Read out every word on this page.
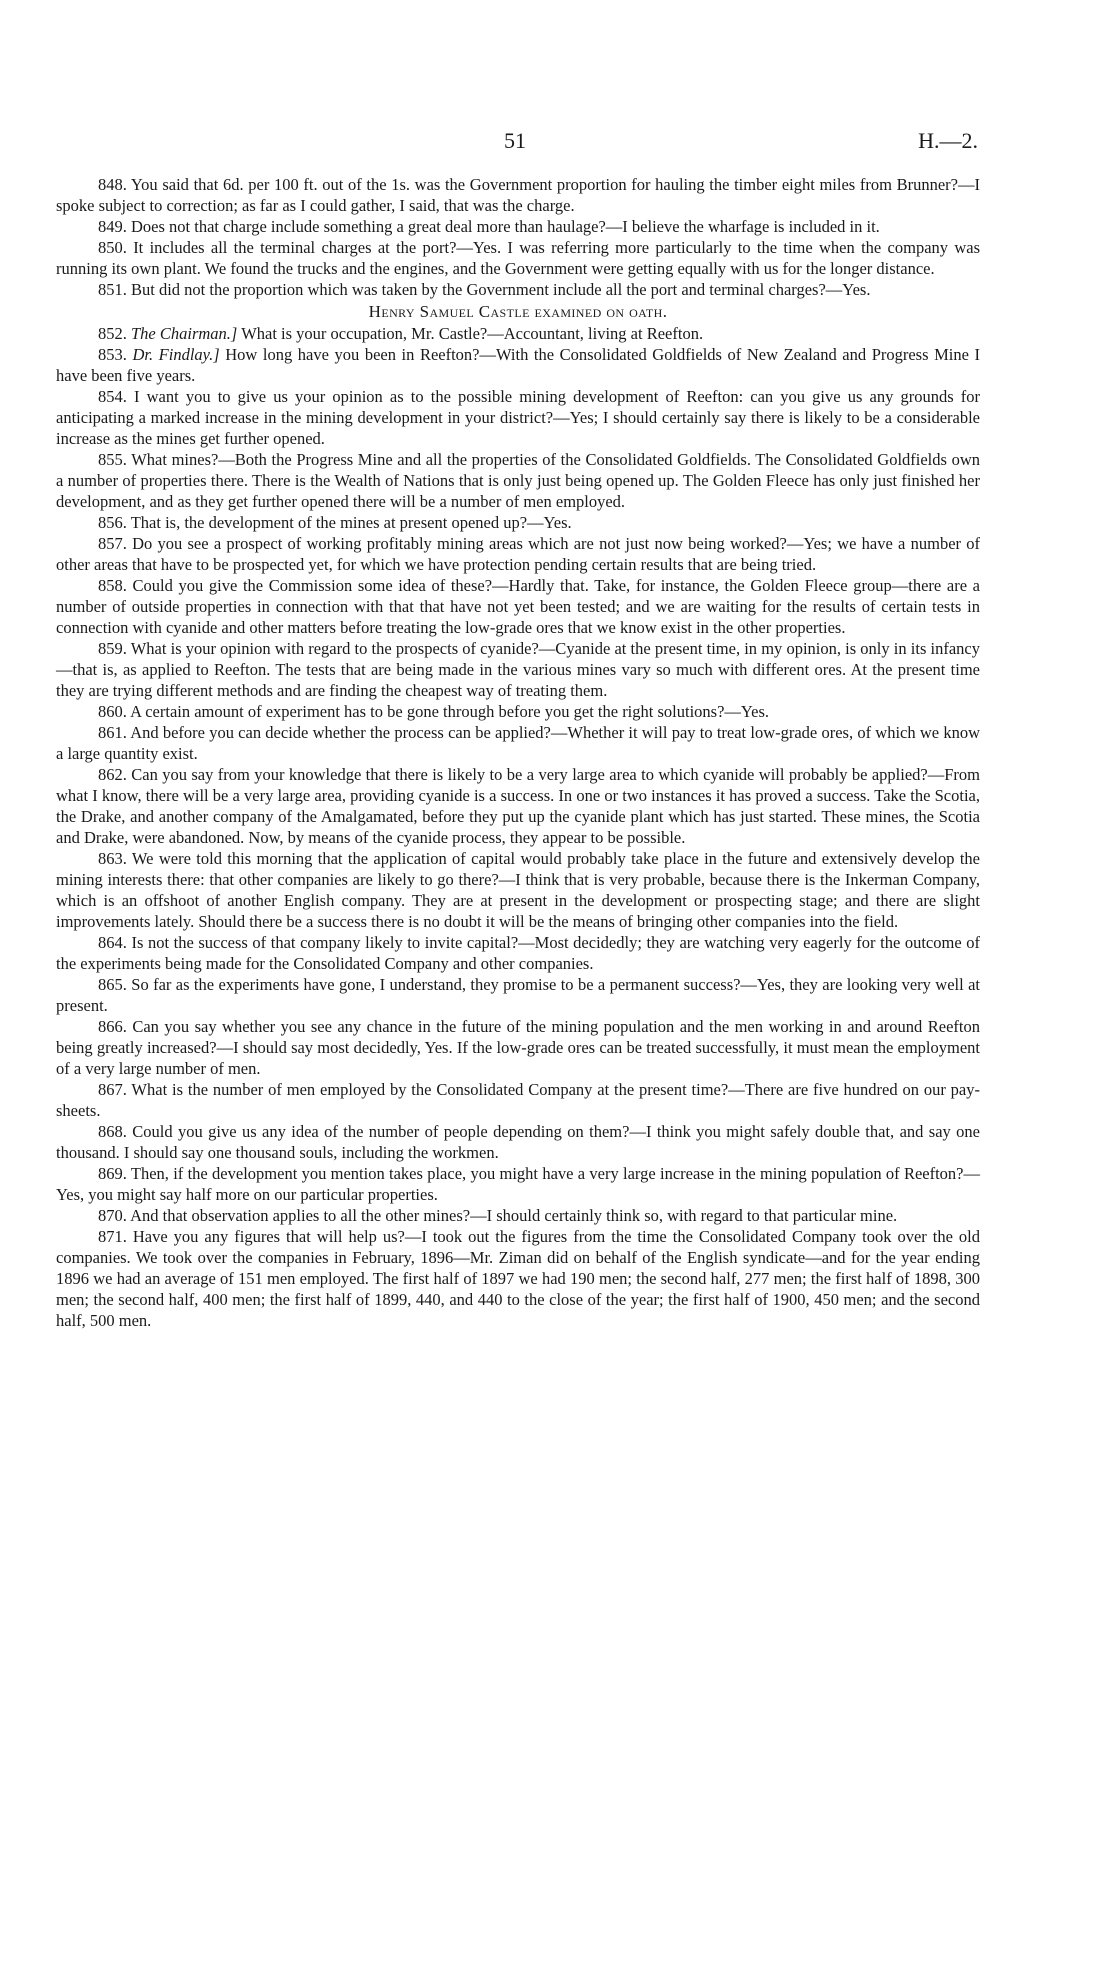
51	H.—2.

848. You said that 6d. per 100 ft. out of the 1s. was the Government proportion for hauling the timber eight miles from Brunner?—I spoke subject to correction; as far as I could gather, I said, that was the charge.

849. Does not that charge include something a great deal more than haulage?—I believe the wharfage is included in it.

850. It includes all the terminal charges at the port?—Yes. I was referring more particularly to the time when the company was running its own plant. We found the trucks and the engines, and the Government were getting equally with us for the longer distance.

851. But did not the proportion which was taken by the Government include all the port and terminal charges?—Yes.

Henry Samuel Castle examined on oath.

852. The Chairman.] What is your occupation, Mr. Castle?—Accountant, living at Reefton.

853. Dr. Findlay.] How long have you been in Reefton?—With the Consolidated Goldfields of New Zealand and Progress Mine I have been five years.

854. I want you to give us your opinion as to the possible mining development of Reefton: can you give us any grounds for anticipating a marked increase in the mining development in your district?—Yes; I should certainly say there is likely to be a considerable increase as the mines get further opened.

855. What mines?—Both the Progress Mine and all the properties of the Consolidated Goldfields. The Consolidated Goldfields own a number of properties there. There is the Wealth of Nations that is only just being opened up. The Golden Fleece has only just finished her development, and as they get further opened there will be a number of men employed.

856. That is, the development of the mines at present opened up?—Yes.

857. Do you see a prospect of working profitably mining areas which are not just now being worked?—Yes; we have a number of other areas that have to be prospected yet, for which we have protection pending certain results that are being tried.

858. Could you give the Commission some idea of these?—Hardly that. Take, for instance, the Golden Fleece group—there are a number of outside properties in connection with that that have not yet been tested; and we are waiting for the results of certain tests in connection with cyanide and other matters before treating the low-grade ores that we know exist in the other properties.

859. What is your opinion with regard to the prospects of cyanide?—Cyanide at the present time, in my opinion, is only in its infancy—that is, as applied to Reefton. The tests that are being made in the various mines vary so much with different ores. At the present time they are trying different methods and are finding the cheapest way of treating them.

860. A certain amount of experiment has to be gone through before you get the right solutions?—Yes.

861. And before you can decide whether the process can be applied?—Whether it will pay to treat low-grade ores, of which we know a large quantity exist.

862. Can you say from your knowledge that there is likely to be a very large area to which cyanide will probably be applied?—From what I know, there will be a very large area, providing cyanide is a success. In one or two instances it has proved a success. Take the Scotia, the Drake, and another company of the Amalgamated, before they put up the cyanide plant which has just started. These mines, the Scotia and Drake, were abandoned. Now, by means of the cyanide process, they appear to be possible.

863. We were told this morning that the application of capital would probably take place in the future and extensively develop the mining interests there: that other companies are likely to go there?—I think that is very probable, because there is the Inkerman Company, which is an offshoot of another English company. They are at present in the development or prospecting stage; and there are slight improvements lately. Should there be a success there is no doubt it will be the means of bringing other companies into the field.

864. Is not the success of that company likely to invite capital?—Most decidedly; they are watching very eagerly for the outcome of the experiments being made for the Consolidated Company and other companies.

865. So far as the experiments have gone, I understand, they promise to be a permanent success?—Yes, they are looking very well at present.

866. Can you say whether you see any chance in the future of the mining population and the men working in and around Reefton being greatly increased?—I should say most decidedly, Yes. If the low-grade ores can be treated successfully, it must mean the employment of a very large number of men.

867. What is the number of men employed by the Consolidated Company at the present time?—There are five hundred on our pay-sheets.

868. Could you give us any idea of the number of people depending on them?—I think you might safely double that, and say one thousand. I should say one thousand souls, including the workmen.

869. Then, if the development you mention takes place, you might have a very large increase in the mining population of Reefton?—Yes, you might say half more on our particular properties.

870. And that observation applies to all the other mines?—I should certainly think so, with regard to that particular mine.

871. Have you any figures that will help us?—I took out the figures from the time the Consolidated Company took over the old companies. We took over the companies in February, 1896—Mr. Ziman did on behalf of the English syndicate—and for the year ending 1896 we had an average of 151 men employed. The first half of 1897 we had 190 men; the second half, 277 men; the first half of 1898, 300 men; the second half, 400 men; the first half of 1899, 440, and 440 to the close of the year; the first half of 1900, 450 men; and the second half, 500 men.
